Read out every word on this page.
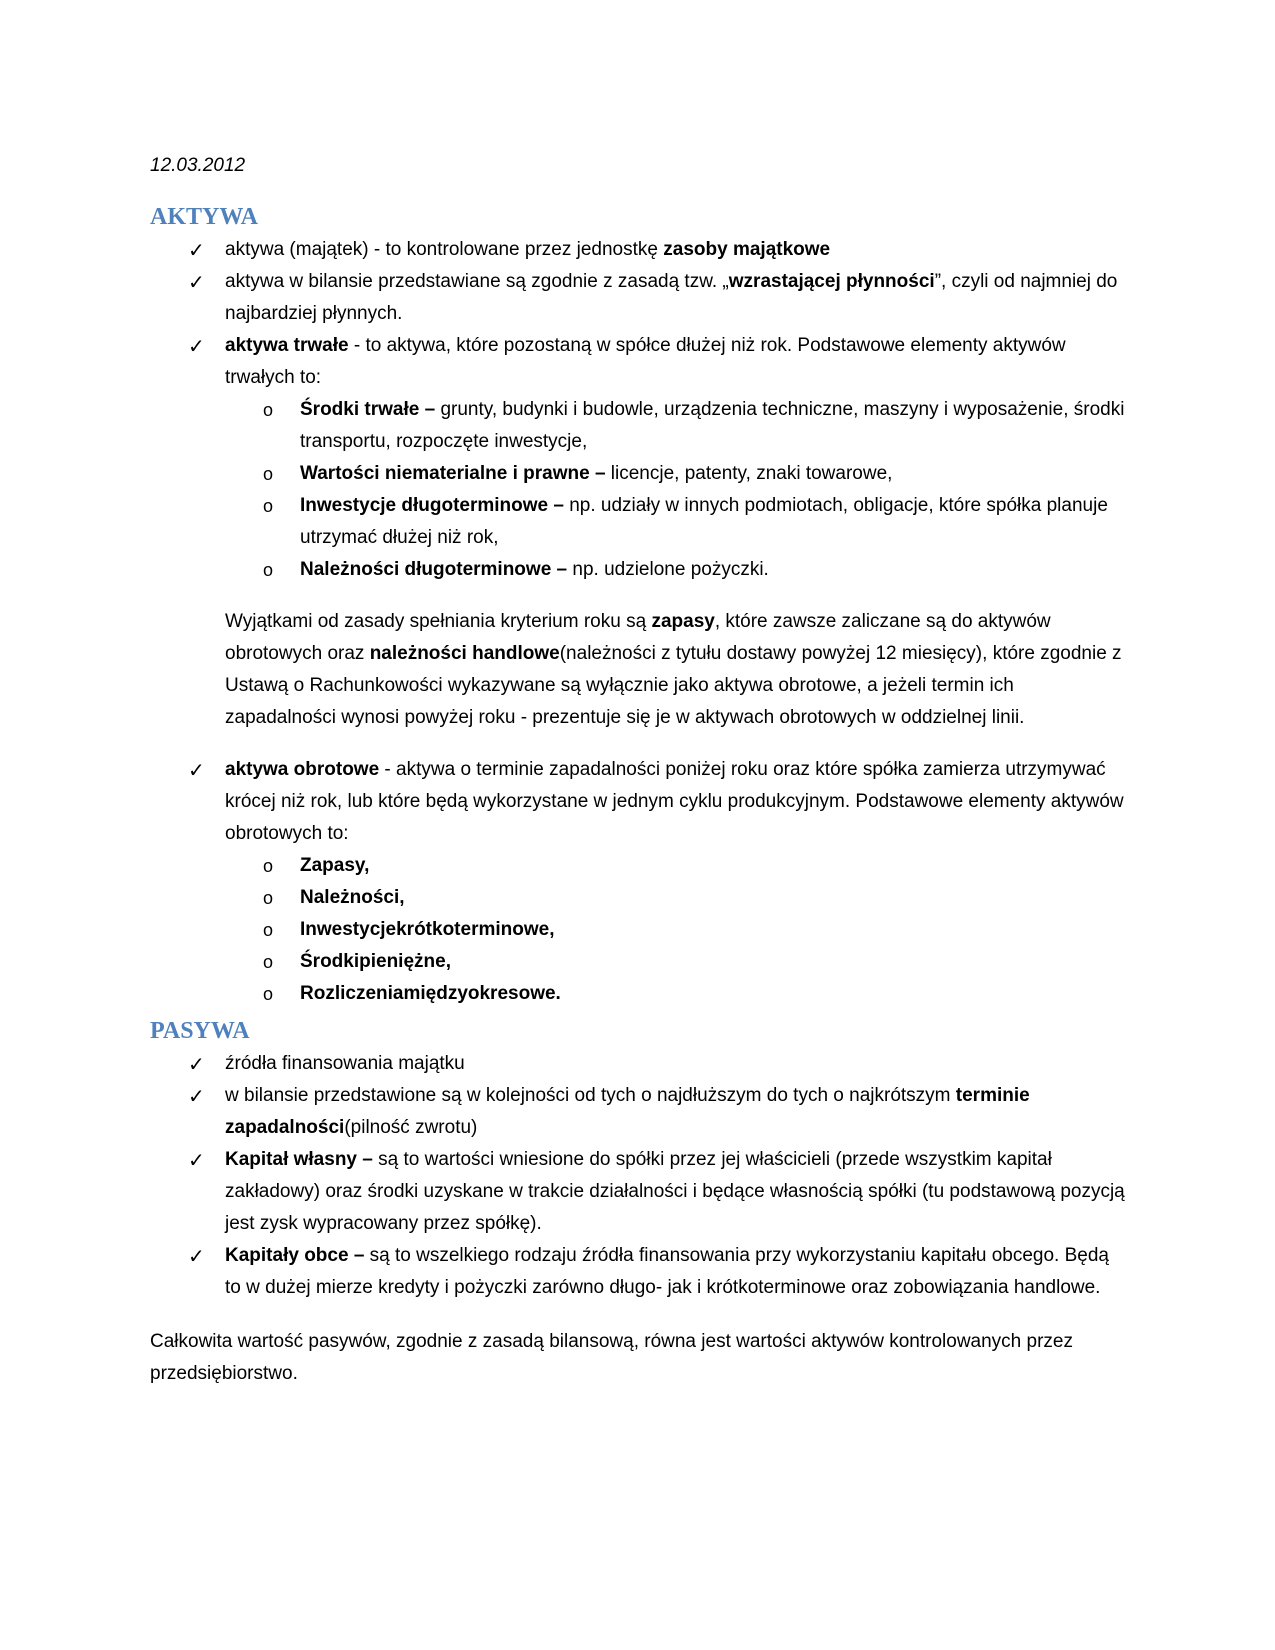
12.03.2012
AKTYWA
✓ aktywa (majątek) - to kontrolowane przez jednostkę zasoby majątkowe
✓ aktywa w bilansie przedstawiane są zgodnie z zasadą tzw. „wzrastającej płynności”, czyli od najmniej do najbardziej płynnych.
✓ aktywa trwałe - to aktywa, które pozostaną w spółce dłużej niż rok. Podstawowe elementy aktywów trwałych to:
o Środki trwałe – grunty, budynki i budowle, urządzenia techniczne, maszyny i wyposażenie, środki transportu, rozpoczęte inwestycje,
o Wartości niematerialne i prawne – licencje, patenty, znaki towarowe,
o Inwestycje długoterminowe – np. udziały w innych podmiotach, obligacje, które spółka planuje utrzymać dłużej niż rok,
o Należności długoterminowe – np. udzielone pożyczki.

Wyjątkami od zasady spełniania kryterium roku są zapasy, które zawsze zaliczane są do aktywów obrotowych oraz należności handlowe(należności z tytułu dostawy powyżej 12 miesięcy), które zgodnie z Ustawą o Rachunkowości wykazywane są wyłącznie jako aktywa obrotowe, a jeżeli termin ich zapadalności wynosi powyżej roku - prezentuje się je w aktywach obrotowych w oddzielnej linii.

✓ aktywa obrotowe - aktywa o terminie zapadalności poniżej roku oraz które spółka zamierza utrzymywać krócej niż rok, lub które będą wykorzystane w jednym cyklu produkcyjnym. Podstawowe elementy aktywów obrotowych to:
o Zapasy,
o Należności,
o Inwestycjekrótkoterminowe,
o Środkipieniężne,
o Rozliczeniamiędzyokresowe.
PASYWA
✓ źródła finansowania majątku
✓ w bilansie przedstawione są w kolejności od tych o najdłuższym do tych o najkrótszym terminie zapadalności(pilność zwrotu)
✓ Kapitał własny – są to wartości wniesione do spółki przez jej właścicieli (przede wszystkim kapitał zakładowy) oraz środki uzyskane w trakcie działalności i będące własnością spółki (tu podstawową pozycją jest zysk wypracowany przez spółkę).
✓ Kapitały obce – są to wszelkiego rodzaju źródła finansowania przy wykorzystaniu kapitału obcego. Będą to w dużej mierze kredyty i pożyczki zarówno długo- jak i krótkoterminowe oraz zobowiązania handlowe.

Całkowita wartość pasywów, zgodnie z zasadą bilansową, równa jest wartości aktywów kontrolowanych przez przedsiębiorstwo.
